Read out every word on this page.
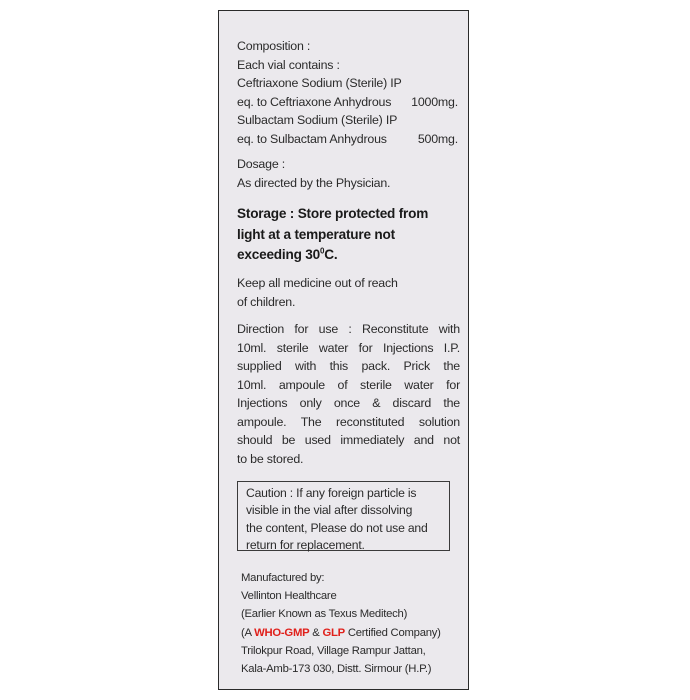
Composition :
Each vial contains :
Ceftriaxone Sodium (Sterile) IP
eq. to Ceftriaxone Anhydrous 1000mg.
Sulbactam Sodium (Sterile) IP
eq. to Sulbactam Anhydrous	500mg.
Dosage :
As directed by the Physician.
Storage : Store protected from
light at a temperature not
exceeding $30^0C$.
Keep all medicine out of reach
of children.
Direction for use : Reconstitute with
10ml. sterile water for Injections I.P.
supplied with this pack. Prick the
10ml. ampoule of sterile water for
Injections only once & discard the
ampoule. The reconstituted solution
should be used immediately and not
to be stored.
Caution : If any foreign particle is
visible in the vial after dissolving
the content, Please do not use and
return for replacement.
Manufactured by:
Vellinton Healthcare
(Earlier Known as Texus Meditech)
(A WHO-GMP & GLP Certified Company)
Trilokpur Road, Village Rampur Jattan,
Kala-Amb-173 030, Distt. Sirmour (H.P.)
